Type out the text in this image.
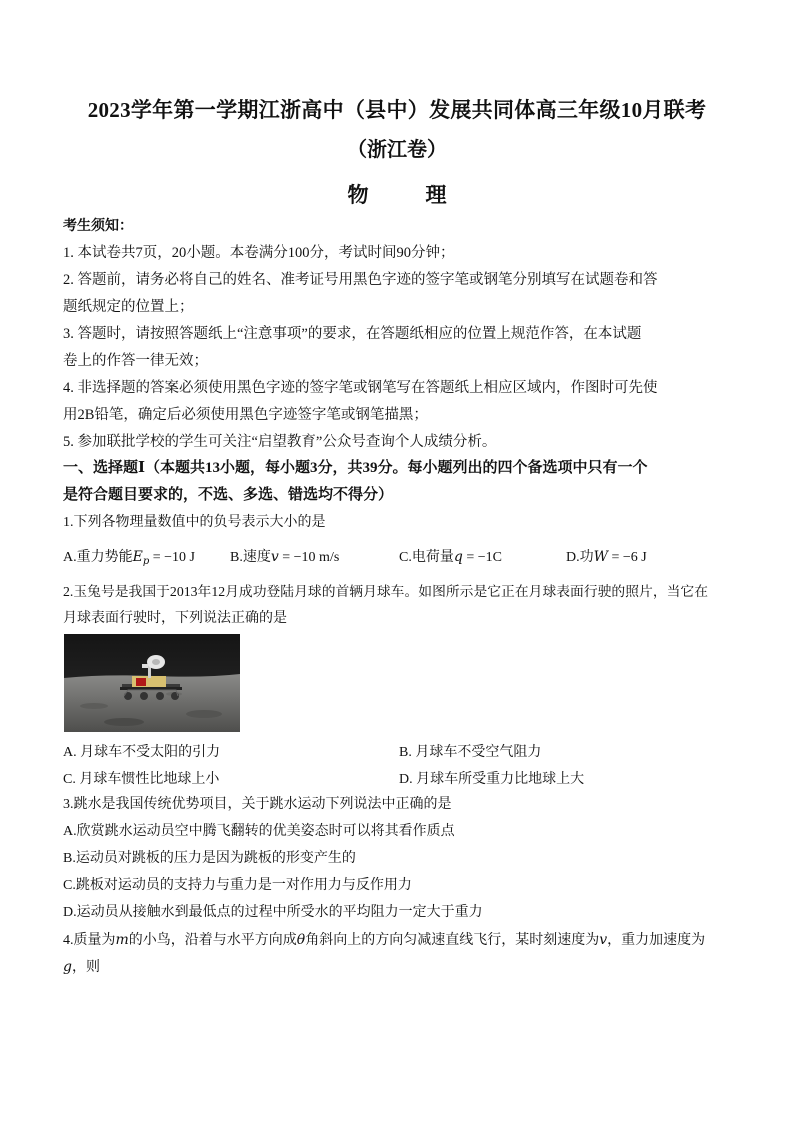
2023学年第一学期江浙高中（县中）发展共同体高三年级10月联考
（浙江卷）
物　理
考生须知：
1. 本试卷共7页，20小题。本卷满分100分，考试时间90分钟；
2. 答题前，请务必将自己的姓名、准考证号用黑色字迹的签字笔或钢笔分别填写在试题卷和答
题纸规定的位置上；
3. 答题时，请按照答题纸上“注意事项”的要求，在答题纸相应的位置上规范作答，在本试题
卷上的作答一律无效；
4. 非选择题的答案必须使用黑色字迹的签字笔或钢笔写在答题纸上相应区域内，作图时可先使
用2B铅笔，确定后必须使用黑色字迹签字笔或钢笔描黑；
5. 参加联批学校的学生可关注“启望教育”公众号查询个人成绩分析。
一、选择题Ⅰ（本题共13小题，每小题3分，共39分。每小题列出的四个备选项中只有一个
是符合题目要求的，不选、多选、错选均不得分）
1.下列各物理量数值中的负号表示大小的是
A.重力势能$E_p = -10$ J B.速度v = −10 m/s	C.电荷量q = −1C	D.功W = −6 J
2.玉兔号是我国于2013年12月成功登陆月球的首辆月球车。如图所示是它正在月球表面行驶的照片，当它在
月球表面行驶时，下列说法正确的是
A. 月球车不受太阳的引力	B. 月球车不受空气阻力
C. 月球车惯性比地球上小	D. 月球车所受重力比地球上大
3.跳水是我国传统优势项目，关于跳水运动下列说法中正确的是
A.欣赏跳水运动员空中腾飞翻转的优美姿态时可以将其看作质点
B.运动员对跳板的压力是因为跳板的形变产生的
C.跳板对运动员的支持力与重力是一对作用力与反作用力
D.运动员从接触水到最低点的过程中所受水的平均阻力一定大于重力
4.质量为m的小鸟，沿着与水平方向成θ角斜向上的方向匀减速直线飞行，某时刻速度为v，重力加速度为
g，则
